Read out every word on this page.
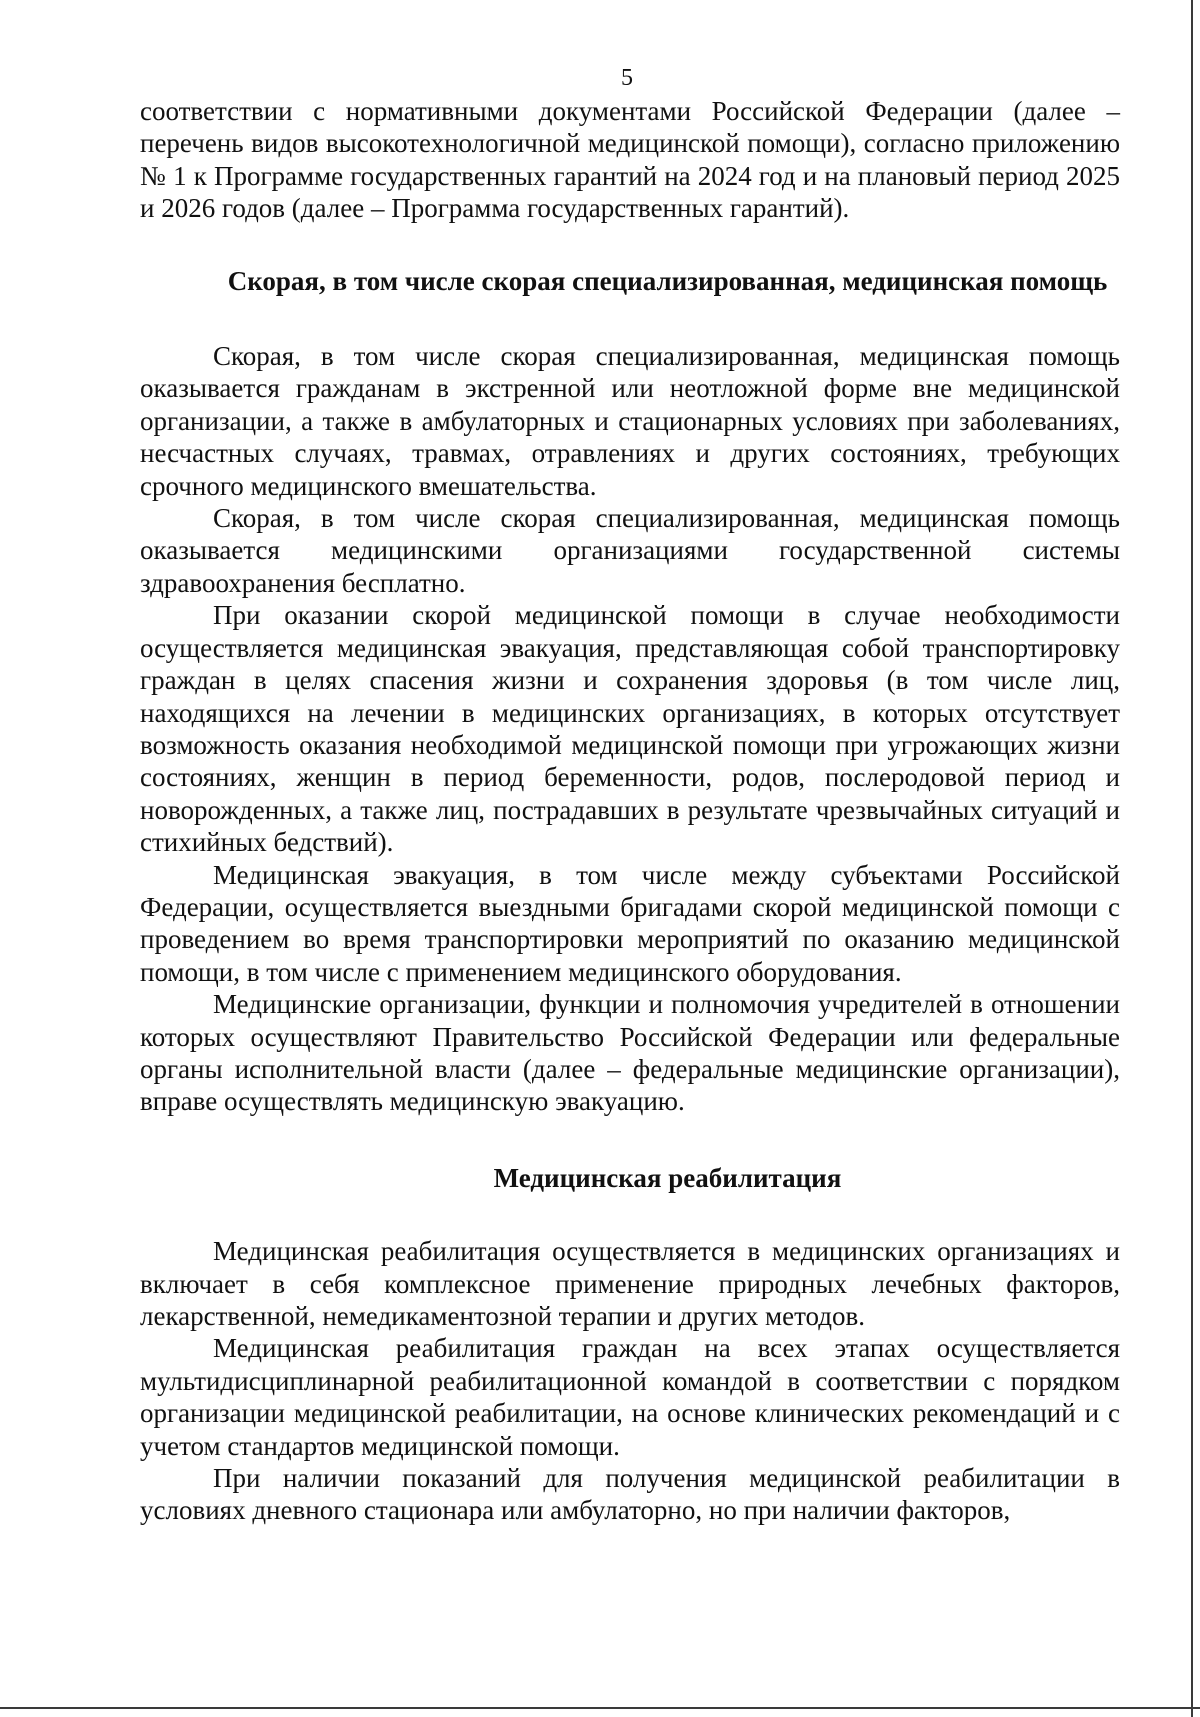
5

соответствии с нормативными документами Российской Федерации (далее – перечень видов высокотехнологичной медицинской помощи), согласно приложению № 1 к Программе государственных гарантий на 2024 год и на плановый период 2025 и 2026 годов (далее – Программа государственных гарантий).

Скорая, в том числе скорая специализированная, медицинская помощь

Скорая, в том числе скорая специализированная, медицинская помощь оказывается гражданам в экстренной или неотложной форме вне медицинской организации, а также в амбулаторных и стационарных условиях при заболеваниях, несчастных случаях, травмах, отравлениях и других состояниях, требующих срочного медицинского вмешательства.

Скорая, в том числе скорая специализированная, медицинская помощь оказывается медицинскими организациями государственной системы здравоохранения бесплатно.

При оказании скорой медицинской помощи в случае необходимости осуществляется медицинская эвакуация, представляющая собой транспортировку граждан в целях спасения жизни и сохранения здоровья (в том числе лиц, находящихся на лечении в медицинских организациях, в которых отсутствует возможность оказания необходимой медицинской помощи при угрожающих жизни состояниях, женщин в период беременности, родов, послеродовой период и новорожденных, а также лиц, пострадавших в результате чрезвычайных ситуаций и стихийных бедствий).

Медицинская эвакуация, в том числе между субъектами Российской Федерации, осуществляется выездными бригадами скорой медицинской помощи с проведением во время транспортировки мероприятий по оказанию медицинской помощи, в том числе с применением медицинского оборудования.

Медицинские организации, функции и полномочия учредителей в отношении которых осуществляют Правительство Российской Федерации или федеральные органы исполнительной власти (далее – федеральные медицинские организации), вправе осуществлять медицинскую эвакуацию.

Медицинская реабилитация

Медицинская реабилитация осуществляется в медицинских организациях и включает в себя комплексное применение природных лечебных факторов, лекарственной, немедикаментозной терапии и других методов.

Медицинская реабилитация граждан на всех этапах осуществляется мультидисциплинарной реабилитационной командой в соответствии с порядком организации медицинской реабилитации, на основе клинических рекомендаций и с учетом стандартов медицинской помощи.

При наличии показаний для получения медицинской реабилитации в условиях дневного стационара или амбулаторно, но при наличии факторов,
